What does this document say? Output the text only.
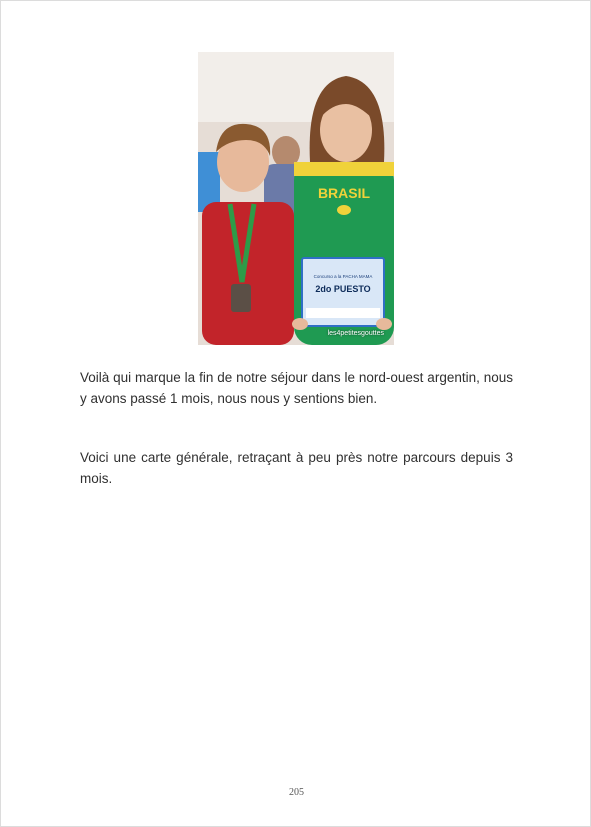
BRASIL
Concurso a la PACHA MAMA
2do PUESTO
les4petitesgouttes

Voilà qui marque la fin de notre séjour dans le nord-ouest argentin, nous y avons passé 1 mois, nous nous y sentions bien.

Voici une carte générale, retraçant à peu près notre parcours depuis 3 mois.

205
